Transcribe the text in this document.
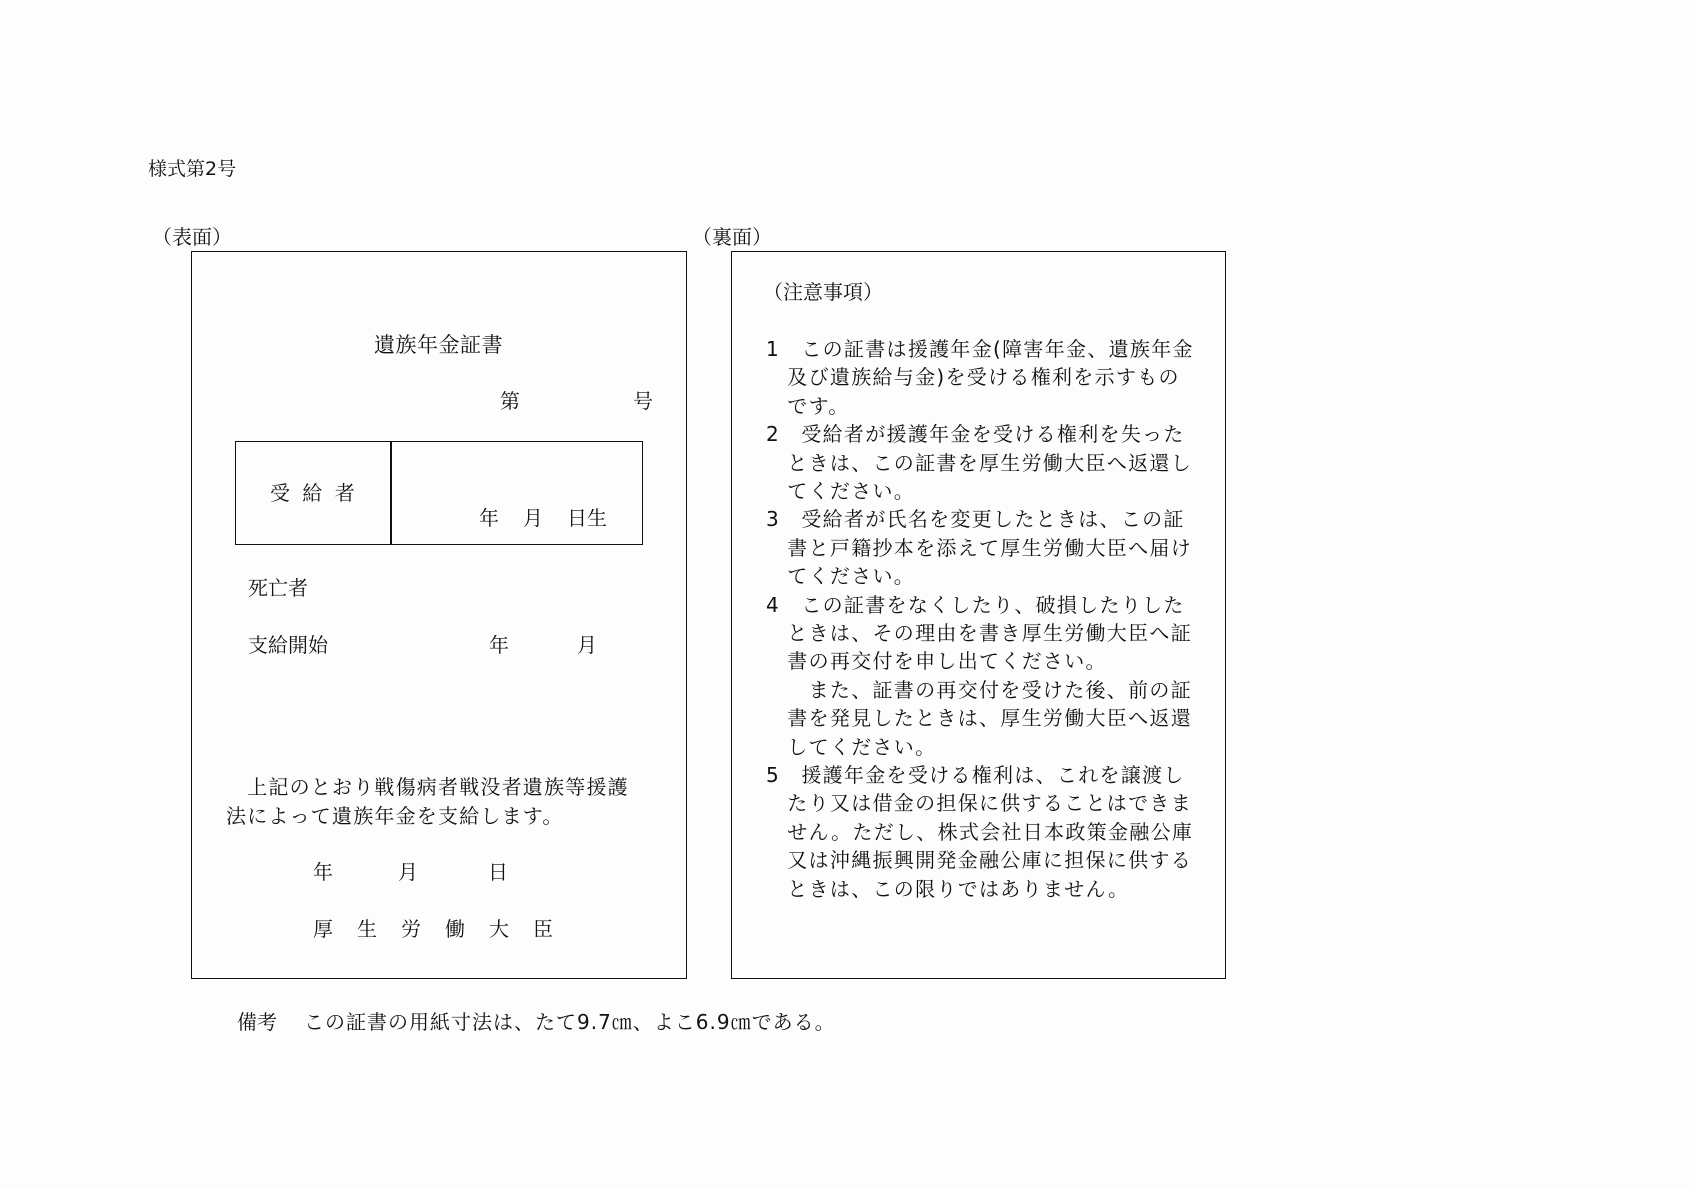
様式第2号
（表面）	（裏面）
遺族年金証書
第	号
受 給 者
年 月 日生
死亡者
支給開始	年	月
　上記のとおり戦傷病者戦没者遺族等援護
法によって遺族年金を支給します。
年	月	日
厚 生 労 働 大 臣
（注意事項）
1　この証書は援護年金(障害年金、遺族年金
　及び遺族給与金)を受ける権利を示すもの
　です。
2　受給者が援護年金を受ける権利を失った
　ときは、この証書を厚生労働大臣へ返還し
　てください。
3　受給者が氏名を変更したときは、この証
　書と戸籍抄本を添えて厚生労働大臣へ届け
　てください。
4　この証書をなくしたり、破損したりした
　ときは、その理由を書き厚生労働大臣へ証
　書の再交付を申し出てください。
　　また、証書の再交付を受けた後、前の証
　書を発見したときは、厚生労働大臣へ返還
　してください。
5　援護年金を受ける権利は、これを譲渡し
　たり又は借金の担保に供することはできま
　せん。ただし、株式会社日本政策金融公庫
　又は沖縄振興開発金融公庫に担保に供する
　ときは、この限りではありません。
備考 この証書の用紙寸法は、たて9.7㎝、よこ6.9㎝である。
